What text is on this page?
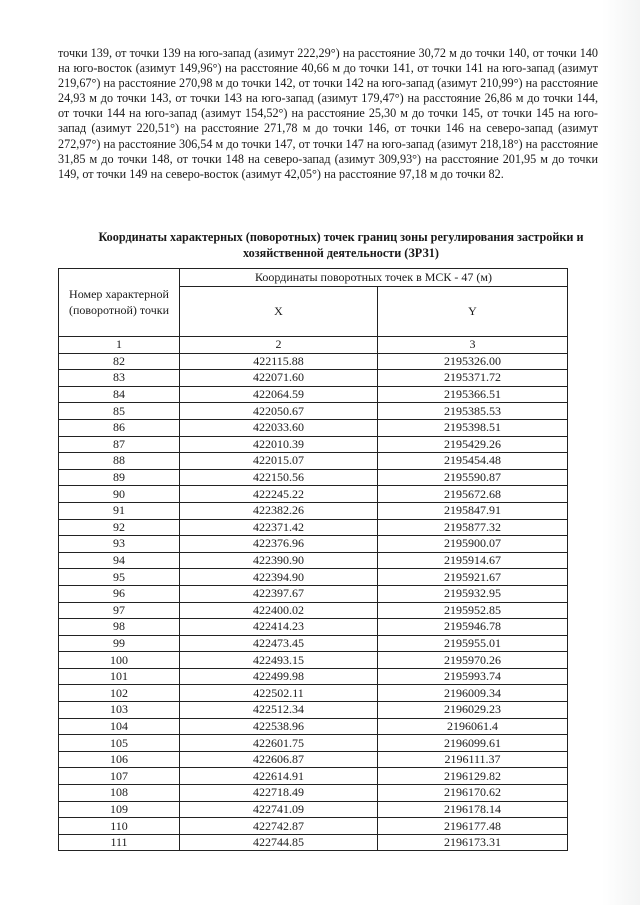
точки 139, от точки 139 на юго-запад (азимут 222,29°) на расстояние 30,72 м до точки 140, от точки 140 на юго-восток (азимут 149,96°) на расстояние 40,66 м до точки 141, от точки 141 на юго-запад (азимут 219,67°) на расстояние 270,98 м до точки 142, от точки 142 на юго-запад (азимут 210,99°) на расстояние 24,93 м до точки 143, от точки 143 на юго-запад (азимут 179,47°) на расстояние 26,86 м до точки 144, от точки 144 на юго-запад (азимут 154,52°) на расстояние 25,30 м до точки 145, от точки 145 на юго-запад (азимут 220,51°) на расстояние 271,78 м до точки 146, от точки 146 на северо-запад (азимут 272,97°) на расстояние 306,54 м до точки 147, от точки 147 на юго-запад (азимут 218,18°) на расстояние 31,85 м до точки 148, от точки 148 на северо-запад (азимут 309,93°) на расстояние 201,95 м до точки 149, от точки 149 на северо-восток (азимут 42,05°) на расстояние 97,18 м до точки 82.
Координаты характерных (поворотных) точек границ зоны регулирования застройки и хозяйственной деятельности (ЗРЗ1)
Номер характерной (поворотной) точки	Координаты поворотных точек в МСК - 47 (м)	
	X	Y
1	2	3
82	422115.88	2195326.00
83	422071.60	2195371.72
84	422064.59	2195366.51
85	422050.67	2195385.53
86	422033.60	2195398.51
87	422010.39	2195429.26
88	422015.07	2195454.48
89	422150.56	2195590.87
90	422245.22	2195672.68
91	422382.26	2195847.91
92	422371.42	2195877.32
93	422376.96	2195900.07
94	422390.90	2195914.67
95	422394.90	2195921.67
96	422397.67	2195932.95
97	422400.02	2195952.85
98	422414.23	2195946.78
99	422473.45	2195955.01
100	422493.15	2195970.26
101	422499.98	2195993.74
102	422502.11	2196009.34
103	422512.34	2196029.23
104	422538.96	2196061.4
105	422601.75	2196099.61
106	422606.87	2196111.37
107	422614.91	2196129.82
108	422718.49	2196170.62
109	422741.09	2196178.14
110	422742.87	2196177.48
111	422744.85	2196173.31
